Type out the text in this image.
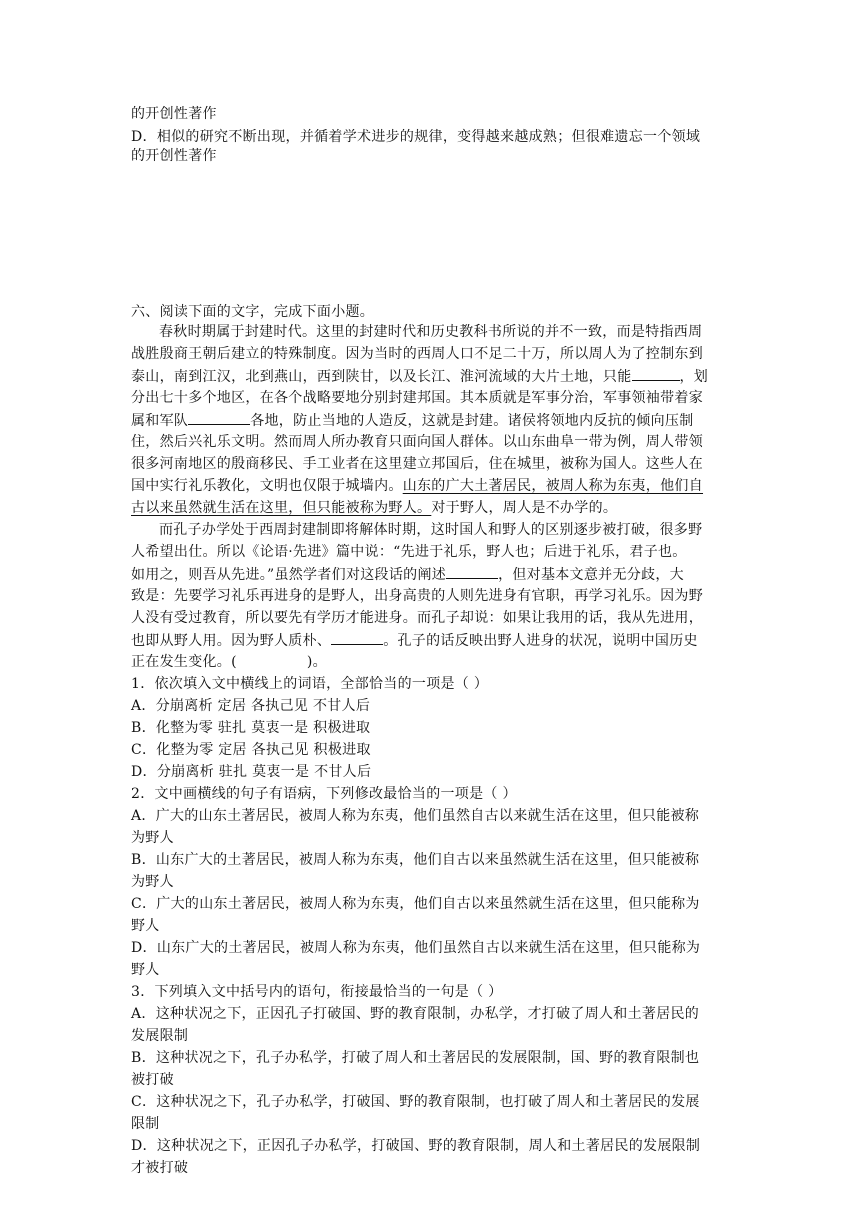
的开创性著作
D．相似的研究不断出现，并循着学术进步的规律，变得越来越成熟；但很难遗忘一个领域
的开创性著作
六、阅读下面的文字，完成下面小题。
春秋时期属于封建时代。这里的封建时代和历史教科书所说的并不一致，而是特指西周
战胜殷商王朝后建立的特殊制度。因为当时的西周人口不足二十万，所以周人为了控制东到
泰山，南到江汉，北到燕山，西到陕甘，以及长江、淮河流域的大片土地，只能	，划
分出七十多个地区，在各个战略要地分别封建邦国。其本质就是军事分治，军事领袖带着家
属和军队	各地，防止当地的人造反，这就是封建。诸侯将领地内反抗的倾向压制
住，然后兴礼乐文明。然而周人所办教育只面向国人群体。以山东曲阜一带为例，周人带领
很多河南地区的殷商移民、手工业者在这里建立邦国后，住在城里，被称为国人。这些人在
国中实行礼乐教化，文明也仅限于城墙内。山东的广大土著居民，被周人称为东夷，他们自
古以来虽然就生活在这里，但只能被称为野人。对于野人，周人是不办学的。
而孔子办学处于西周封建制即将解体时期，这时国人和野人的区别逐步被打破，很多野
人希望出仕。所以《论语·先进》篇中说：“先进于礼乐，野人也；后进于礼乐，君子也。
如用之，则吾从先进。”虽然学者们对这段话的阐述	，但对基本文意并无分歧，大
致是：先要学习礼乐再进身的是野人，出身高贵的人则先进身有官职，再学习礼乐。因为野
人没有受过教育，所以要先有学历才能进身。而孔子却说：如果让我用的话，我从先进用，
也即从野人用。因为野人质朴、	。孔子的话反映出野人进身的状况，说明中国历史
正在发生变化。(	)。
1．依次填入文中横线上的词语，全部恰当的一项是（ ）
A．分崩离析 定居 各执己见 不甘人后
B．化整为零 驻扎 莫衷一是 积极进取
C．化整为零 定居 各执己见 积极进取
D．分崩离析 驻扎 莫衷一是 不甘人后
2．文中画横线的句子有语病，下列修改最恰当的一项是（ ）
A．广大的山东土著居民，被周人称为东夷，他们虽然自古以来就生活在这里，但只能被称
为野人
B．山东广大的土著居民，被周人称为东夷，他们自古以来虽然就生活在这里，但只能被称
为野人
C．广大的山东土著居民，被周人称为东夷，他们自古以来虽然就生活在这里，但只能称为
野人
D．山东广大的土著居民，被周人称为东夷，他们虽然自古以来就生活在这里，但只能称为
野人
3．下列填入文中括号内的语句，衔接最恰当的一句是（ ）
A．这种状况之下，正因孔子打破国、野的教育限制，办私学，才打破了周人和土著居民的
发展限制
B．这种状况之下，孔子办私学，打破了周人和土著居民的发展限制，国、野的教育限制也
被打破
C．这种状况之下，孔子办私学，打破国、野的教育限制，也打破了周人和土著居民的发展
限制
D．这种状况之下，正因孔子办私学，打破国、野的教育限制，周人和土著居民的发展限制
才被打破
